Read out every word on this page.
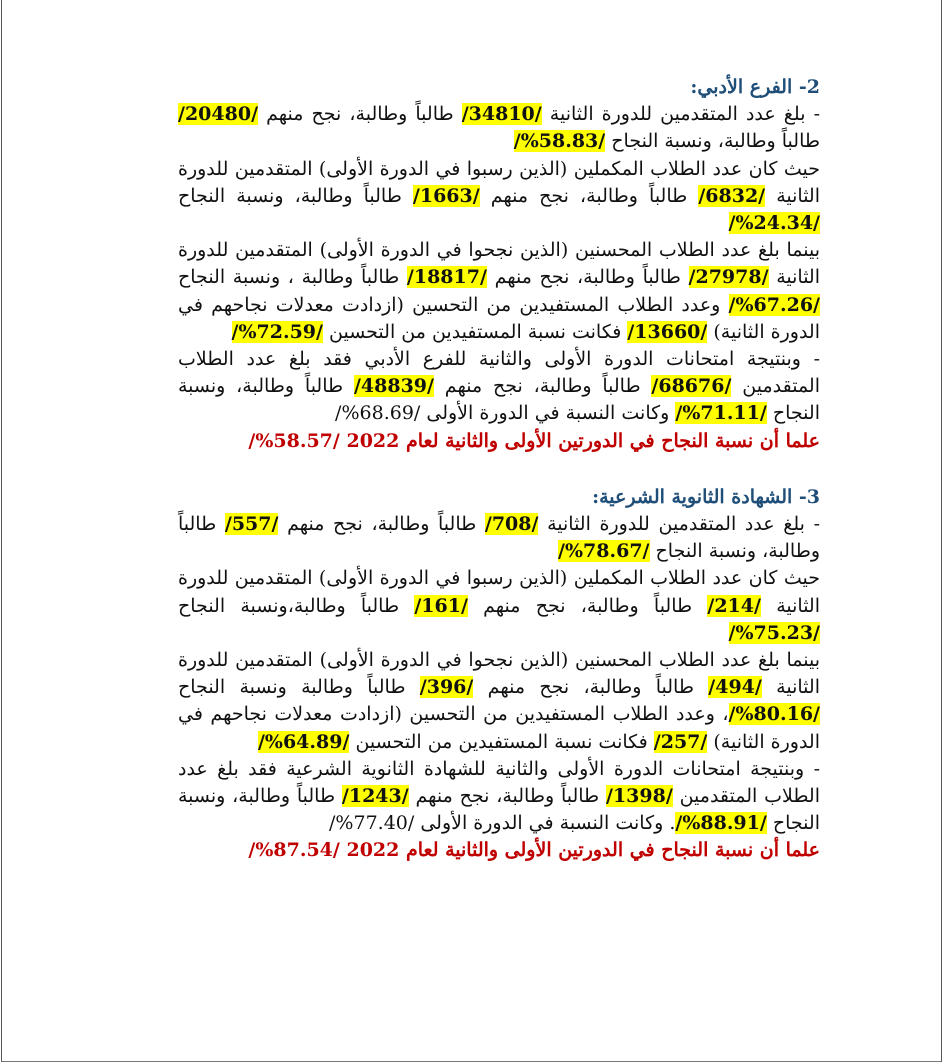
2- الفرع الأدبي:

- بلغ عدد المتقدمين للدورة الثانية /34810/ طالباً وطالبة، نجح منهم /20480/ طالباً وطالبة، ونسبة النجاح /58.83%/

حيث كان عدد الطلاب المكملين (الذين رسبوا في الدورة الأولى) المتقدمين للدورة الثانية /6832/ طالباً وطالبة، نجح منهم /1663/ طالباً وطالبة، ونسبة النجاح /24.34%/

بينما بلغ عدد الطلاب المحسنين (الذين نجحوا في الدورة الأولى) المتقدمين للدورة الثانية /27978/ طالباً وطالبة، نجح منهم /18817/ طالباً وطالبة ، ونسبة النجاح /67.26%/ وعدد الطلاب المستفيدين من التحسين (ازدادت معدلات نجاحهم في الدورة الثانية) /13660/ فكانت نسبة المستفيدين من التحسين /72.59%/

- وبنتيجة امتحانات الدورة الأولى والثانية للفرع الأدبي فقد بلغ عدد الطلاب المتقدمين /68676/ طالباً وطالبة، نجح منهم /48839/ طالباً وطالبة، ونسبة النجاح /71.11%/ وكانت النسبة في الدورة الأولى /68.69%/

علما أن نسبة النجاح في الدورتين الأولى والثانية لعام 2022 /58.57%/

3- الشهادة الثانوية الشرعية:

- بلغ عدد المتقدمين للدورة الثانية /708/ طالباً وطالبة، نجح منهم /557/ طالباً وطالبة، ونسبة النجاح /78.67%/

حيث كان عدد الطلاب المكملين (الذين رسبوا في الدورة الأولى) المتقدمين للدورة الثانية /214/ طالباً وطالبة، نجح منهم /161/ طالباً وطالبة،ونسبة النجاح /75.23%/

بينما بلغ عدد الطلاب المحسنين (الذين نجحوا في الدورة الأولى) المتقدمين للدورة الثانية /494/ طالباً وطالبة، نجح منهم /396/ طالباً وطالبة ونسبة النجاح /80.16%/، وعدد الطلاب المستفيدين من التحسين (ازدادت معدلات نجاحهم في الدورة الثانية) /257/ فكانت نسبة المستفيدين من التحسين /64.89%/

- وبنتيجة امتحانات الدورة الأولى والثانية للشهادة الثانوية الشرعية فقد بلغ عدد الطلاب المتقدمين /1398/ طالباً وطالبة، نجح منهم /1243/ طالباً وطالبة، ونسبة النجاح /88.91%/. وكانت النسبة في الدورة الأولى /77.40%/

علما أن نسبة النجاح في الدورتين الأولى والثانية لعام 2022 /87.54%/
